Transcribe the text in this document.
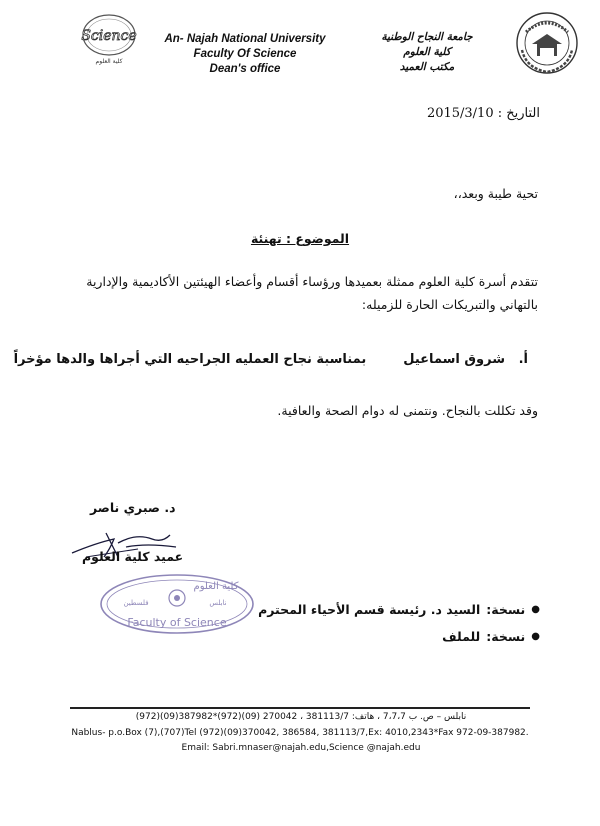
Science
كلية العلوم
An- Najah National University
Faculty Of Science
Dean's office
جامعة النجاح الوطنية
كلية العلوم
مكتب العميد
التاريخ : 2015/3/10
تحية طيبة وبعد،،
الموضوع : تهنئة
تتقدم أسرة كلية العلوم ممثلة بعميدها ورؤساء أقسام وأعضاء الهيئتين الأكاديمية والإدارية
بالتهاني والتبريكات الحارة للزميله:
أ.   شروق اسماعيل  بمناسبة نجاح العمليه الجراحيه التي أجراها والدها مؤخراً
وقد تكللت بالنجاح. ونتمنى له دوام الصحة والعافية.
د. صبري ناصر
عميد كلية العلوم
كلية العلوم
نابلس
فلسطين
Faculty of Science
●
نسخة:
السيد د. رئيسة قسم الأحياء المحترم
●
نسخة:
للملف
نابلس – ص. ب 7،7،7 ، هاتف: 381113/7 ، 270042 (09)(972)*387982(09)(972)
Nablus- p.o.Box (7),(707)Tel (972)(09)370042, 386584, 381113/7,Ex: 4010,2343*Fax 972-09-387982.
Email: Sabri.mnaser@najah.edu,Science @najah.edu
